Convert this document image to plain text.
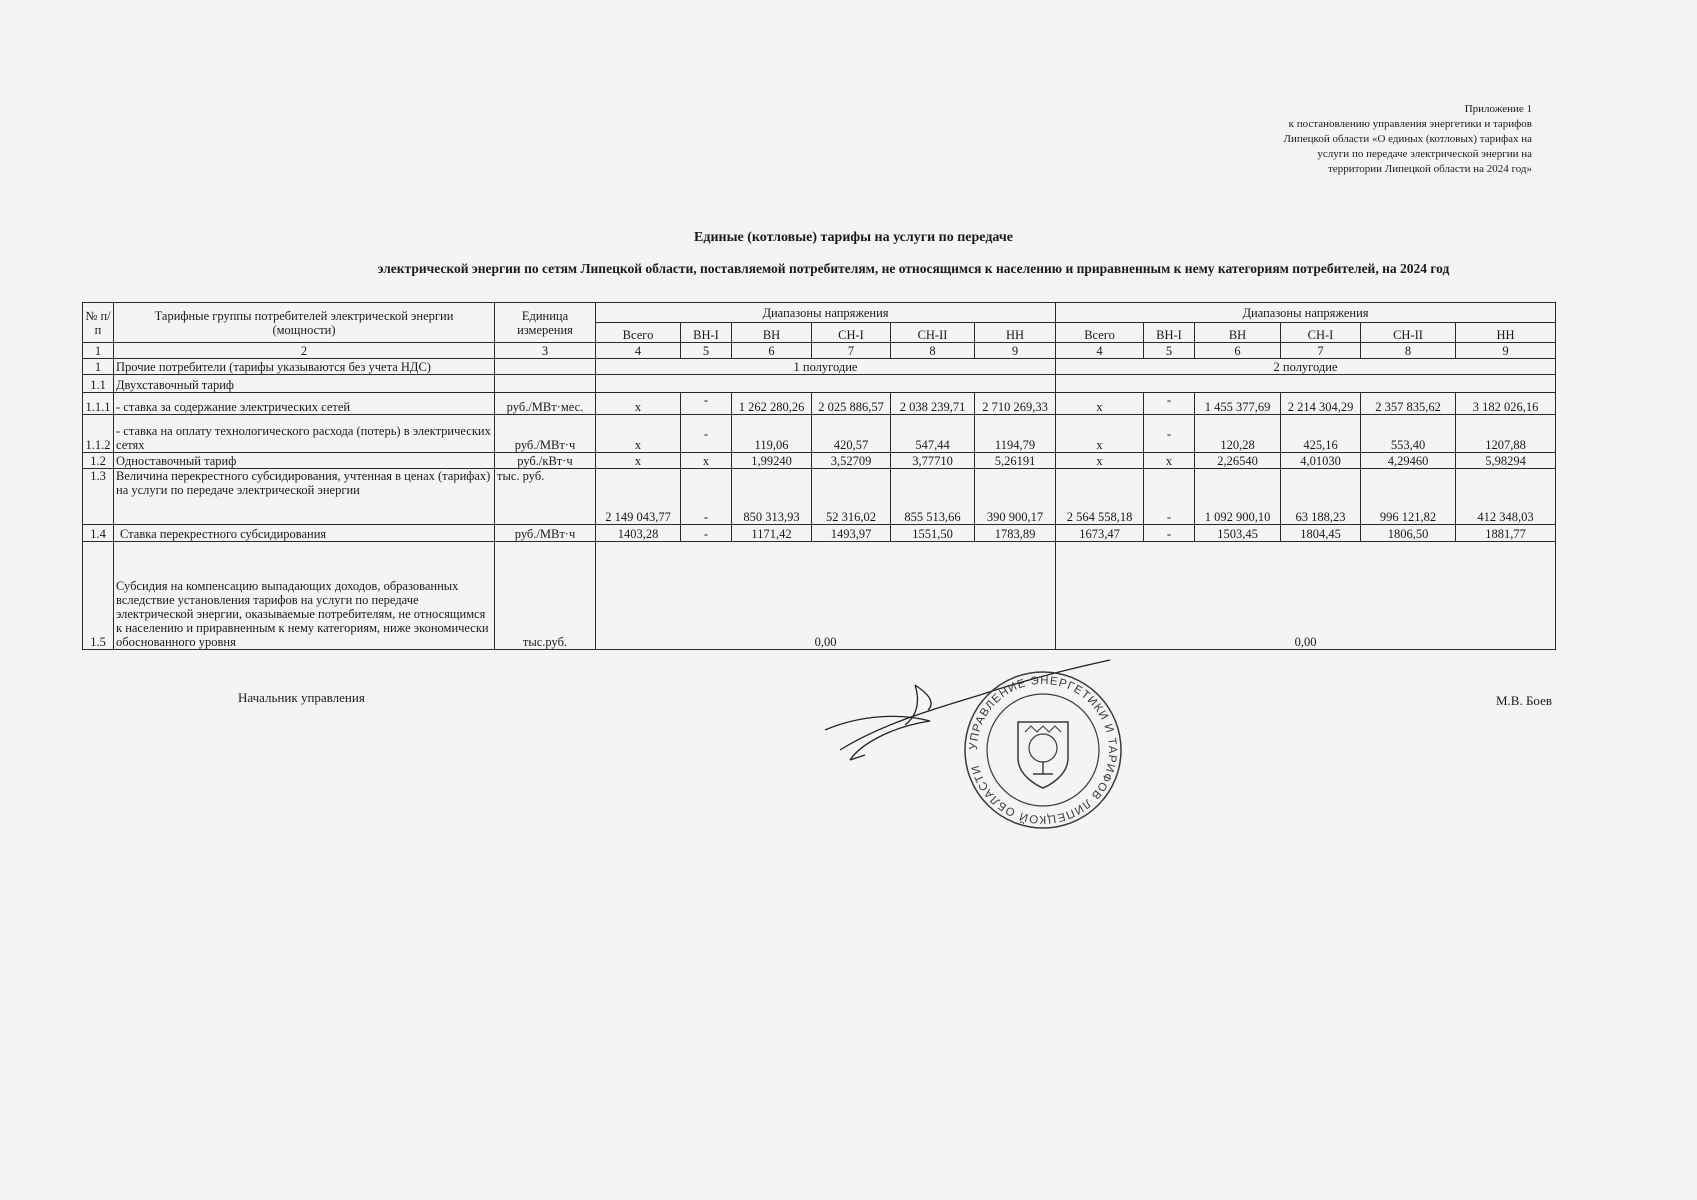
Приложение 1
к постановлению управления энергетики и тарифов
Липецкой области «О единых (котловых) тарифах на
услуги по передаче электрической энергии на
территории Липецкой области на 2024 год»
Единые (котловые) тарифы на услуги по передаче
электрической энергии по сетям Липецкой области, поставляемой потребителям, не относящимся к населению и приравненным к нему категориям потребителей, на 2024 год
№ п/п	Тарифные группы потребителей электрической энергии (мощности)	Единица измерения	Диапазоны напряжения						Диапазоны напряжения					
			Всего	ВН-I	ВН	СН-I	СН-II	НН	Всего	ВН-I	ВН	СН-I	СН-II	НН
1	2	3	4	5	6	7	8	9	4	5	6	7	8	9
1	Прочие потребители (тарифы указываются без учета НДС)		1 полугодие						2 полугодие					
1.1	Двухставочный тариф													
1.1.1	- ставка за содержание электрических сетей	руб./МВт·мес.	x	-	1 262 280,26	2 025 886,57	2 038 239,71	2 710 269,33	x	-	1 455 377,69	2 214 304,29	2 357 835,62	3 182 026,16
1.1.2	- ставка на оплату технологического расхода (потерь) в электрических сетях	руб./МВт·ч	x	-	119,06	420,57	547,44	1194,79	x	-	120,28	425,16	553,40	1207,88
1.2	Одноставочный тариф	руб./кВт·ч	x	x	1,99240	3,52709	3,77710	5,26191	x	x	2,26540	4,01030	4,29460	5,98294
1.3	Величина перекрестного субсидирования, учтенная в ценах (тарифах) на услуги по передаче электрической энергии	тыс. руб.	2 149 043,77	-	850 313,93	52 316,02	855 513,66	390 900,17	2 564 558,18	-	1 092 900,10	63 188,23	996 121,82	412 348,03
1.4	Ставка перекрестного субсидирования	руб./МВт·ч	1403,28	-	1171,42	1493,97	1551,50	1783,89	1673,47	-	1503,45	1804,45	1806,50	1881,77
1.5	Субсидия на компенсацию выпадающих доходов, образованных вследствие установления тарифов на услуги по передаче электрической энергии, оказываемые потребителям, не относящимся к населению и приравненным к нему категориям, ниже экономически обоснованного уровня	тыс.руб.	0,00						0,00					
Начальник управления	М.В. Боев
УПРАВЛЕНИЕ ЭНЕРГЕТИКИ И ТАРИФОВ ЛИПЕЦКОЙ ОБЛАСТИ
